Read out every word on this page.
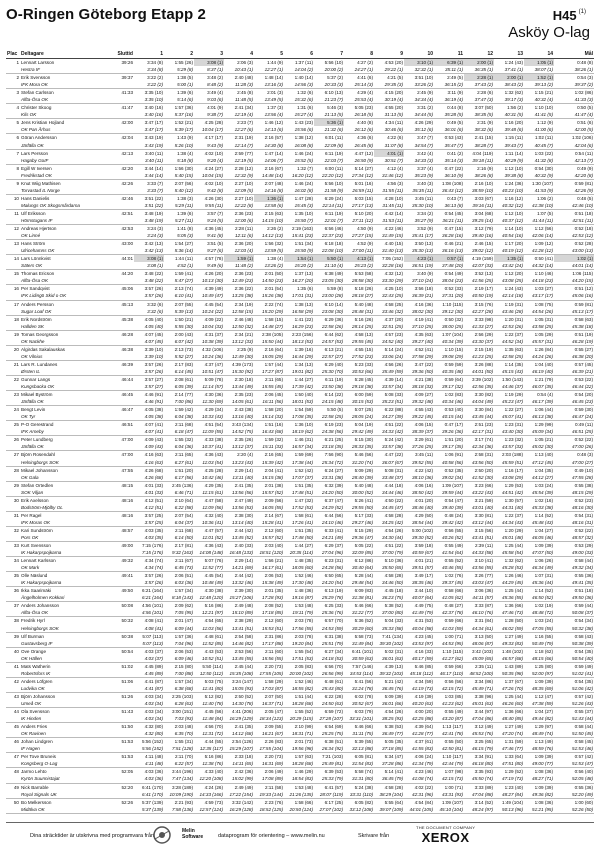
O-Ringen Göteborg Etapp 2	H45 $^{(1)}$
Asköy O-lag
Plac	Deltagare	Sluttid	1	2	3	4	5	6	7	8	9	10	11	12	13	14	Mål
1	Lennart Larsson	39:26	3:34 (8)	1:55 (26)	3:08 (1)	2:06 (3)	1:44 (9)	1:37 (11)	5:56 (10)	4:27 (2)	4:53 (20)	3:10 (1)	6:39 (1)	2:00 (1)	1:24 (43)	1:05 (1)	0:48 (8)
	Hestra IF		3:34 (8)	5:29 (8)	8:37 (1)	10:43 (1)	12:27 (1)	14:04 (2)	20:00 (2)	24:27 (1)	29:22 (1)	32:32 (1)	35:11 (1)	36:35 (1)	37:41 (1)	38:07 (1)	38:26 (1)
2	Erik Svensson	39:37	3:22 (2)	1:38 (5)	3:48 (2)	2:40 (48)	1:48 (14)	1:40 (14)	5:37 (2)	4:41 (6)	4:21 (5)	3:51 (10)	2:49 (5)	2:28 (1)	2:00 (1)	1:52 (1)	0:54 (3)
	IFK Mora OK		3:22 (2)	5:00 (1)	8:48 (2)	11:28 (3)	13:16 (3)	14:56 (3)	20:33 (3)	25:14 (3)	29:35 (3)	33:26 (2)	36:15 (2)	37:43 (2)	38:43 (2)	39:13 (2)	39:37 (2)
3	Stefan Carlsson	41:33	3:35 (10)	1:39 (6)	3:49 (4)	2:45 (8)	2:01 (3)	1:32 (6)	6:10 (13)	4:29 (4)	4:15 (20)	2:45 (9)	3:11 (9)	2:28 (6)	1:32 (62)	1:15 (21)	1:02 (86)
	Alfta-Ösa OK		3:35 (10)	5:14 (6)	9:03 (6)	11:48 (5)	13:49 (5)	15:32 (6)	21:23 (7)	25:53 (4)	30:19 (4)	34:34 (4)	36:19 (4)	37:47 (3)	39:17 (3)	40:32 (4)	41:33 (3)
4	Christer Skoog	41:47	3:40 (16)	1:57 (36)	4:01 (9)	2:41 (34)	1:37 (3)	1:31 (6)	5:46 (3)	5:05 (23)	4:55 (20)	3:31 (2)	0:44 (8)	3:07 (50)	1:56 (2)	1:10 (10)	0:50 (5)
	Kils OK		3:40 (16)	5:37 (16)	9:38 (7)	12:19 (4)	13:56 (4)	15:27 (4)	21:13 (5)	26:18 (5)	31:13 (5)	34:44 (5)	35:28 (5)	38:35 (5)	40:31 (5)	41:41 (5)	41:47 (4)
5	Jens Kristian Hojland	42:00	3:47 (17)	1:52 (21)	4:25 (28)	2:23 (7)	1:46 (12)	1:43 (23)	5:36 (1)	4:40 (8)	4:34 (11)	4:26 (29)	0:49 (5)	2:31 (9)	1:16 (20)	1:12 (9)	0:51 (6)
	OK Pan Århus		3:47 (17)	5:39 (17)	10:04 (17)	12:27 (6)	14:13 (6)	15:56 (6)	21:32 (6)	26:12 (6)	30:46 (6)	35:12 (6)	36:01 (6)	38:32 (6)	39:48 (6)	41:00 (6)	42:00 (5)
6	Göran Andersson	42:04	3:43 (19)	1:43 (9)	4:17 (17)	2:31 (19)	2:16 (57)	1:38 (12)	6:01 (11)	4:36 (6)	4:22 (6)	3:47 (7)	0:53 (43)	2:41 (15)	1:15 (11)	1:02 (11)	1:02 (106)
	Järfälla OK		3:43 (19)	5:26 (10)	9:43 (9)	12:14 (7)	14:30 (8)	16:08 (8)	22:09 (8)	26:45 (8)	31:07 (8)	34:54 (7)	35:47 (7)	38:28 (7)	39:43 (7)	40:45 (7)	42:04 (6)
7	Lars Persson	42:13	3:40 (11)	1:38 (4)	4:02 (10)	2:59 (77)	1:47 (14)	1:46 (24)	6:11 (19)	4:47 (12)	4:01 (1)	3:42 (4)	0:41 (2)	4:04 (119)	1:11 (14)	1:03 (22)	0:54 (11)
	Hagaby GoIF		3:40 (11)	5:18 (8)	9:20 (4)	12:19 (5)	14:06 (7)	15:52 (5)	22:03 (7)	26:50 (9)	30:51 (7)	34:33 (3)	35:14 (3)	39:18 (11)	40:29 (9)	41:32 (8)	42:13 (7)
8	Egill W Iversen	42:20	3:44 (14)	1:56 (30)	4:24 (27)	2:28 (12)	2:16 (67)	1:32 (7)	6:00 (11)	5:14 (27)	4:12 (4)	3:37 (4)	0:47 (22)	2:16 (9)	1:12 (10)	0:54 (30)	0:49 (9)
	Fredrikstad OK		3:44 (14)	5:40 (15)	10:04 (15)	12:32 (9)	14:48 (14)	16:20 (12)	22:20 (12)	27:34 (12)	31:46 (12)	35:23 (9)	36:10 (9)	38:26 (8)	39:38 (8)	40:32 (9)	42:20 (8)
9	Knut Wiig Mathisen	42:26	3:33 (7)	2:07 (56)	4:02 (10)	2:27 (10)	2:07 (48)	1:46 (24)	5:56 (10)	5:01 (16)	4:56 (3)	3:40 (3)	1:08 (108)	2:16 (10)	1:24 (36)	1:30 (107)	0:59 (81)
	Torvastad IL Norge		3:33 (7)	5:40 (12)	9:42 (8)	12:09 (5)	14:16 (8)	16:02 (8)	21:58 (9)	26:59 (11)	31:55 (11)	35:35 (11)	36:43 (12)	38:59 (10)	40:23 (10)	41:53 (9)	42:26 (9)
10	Hans Danielis	42:46	3:51 (22)	1:38 (3)	4:26 (30)	2:27 (10)	1:36 (1)	1:47 (28)	6:29 (24)	5:03 (15)	4:28 (10)	3:45 (11)	0:43 (7)	3:03 (67)	1:16 (12)	1:06 (2)	0:48 (5)
	Malungs OK Skogsmårdarna		3:51 (22)	5:29 (11)	9:55 (11)	12:22 (8)	13:58 (6)	15:45 (3)	22:14 (11)	27:17 (13)	31:45 (11)	35:30 (10)	36:13 (8)	39:16 (11)	40:32 (12)	41:38 (10)	42:46 (10)
11	Ulf Eriksson	42:51	3:48 (19)	1:39 (6)	3:57 (7)	2:36 (23)	2:15 (63)	1:35 (10)	6:11 (19)	5:10 (20)	4:42 (14)	3:34 (2)	0:54 (45)	3:04 (68)	1:12 (10)	1:07 (5)	0:51 (18)
	Hörnstugans IF		3:48 (19)	5:27 (11)	9:24 (5)	12:00 (6)	14:15 (10)	15:50 (7)	22:01 (7)	27:11 (12)	31:53 (11)	35:27 (9)	36:21 (11)	39:25 (14)	40:37 (12)	41:44 (11)	42:51 (11)
12	Andreas Hjertson	42:53	3:24 (3)	1:41 (8)	4:36 (45)	2:28 (11)	2:26 (2)	2:19 (163)	6:56 (46)	4:50 (9)	4:22 (46)	3:52 (9)	0:47 (15)	3:12 (79)	1:14 (10)	1:12 (56)	0:52 (18)
	OK Linné		3:24 (3)	5:05 (3)	9:41 (8)	12:11 (6)	14:12 (13)	15:41 (23)	22:37 (23)	27:27 (15)	31:49 (15)	35:41 (17)	36:28 (16)	39:40 (16)	40:54 (16)	42:06 (14)	42:53 (12)
13	Hans Ström	43:00	3:42 (13)	1:54 (27)	3:51 (5)	2:36 (20)	1:56 (32)	1:51 (34)	6:18 (18)	4:52 (9)	4:40 (15)	3:50 (13)	0:46 (21)	2:46 (15)	1:17 (20)	1:09 (12)	0:52 (28)
	Ulricehamns OK		3:42 (13)	5:36 (14)	9:27 (6)	12:03 (4)	13:59 (5)	15:50 (9)	22:08 (10)	27:00 (11)	31:40 (13)	35:30 (13)	36:16 (13)	39:02 (12)	40:19 (12)	41:28 (12)	43:00 (13)
14	Lars Lönnkvist	44:01	3:08 (1)	1:44 (11)	4:57 (78)	1:59 (1)	1:38 (4)	1:54 (1)	5:50 (1)	4:13 (1)	7:05 (152)	4:23 (1)	0:57 (1)	4:19 (159)	1:35 (1)	0:50 (41)	1:02 (1)
	Säters OK		3:08 (1)	4:52 (1)	9:49 (6)	11:48 (2)	13:26 (2)	15:20 (2)	21:10 (4)	25:23 (2)	32:28 (16)	36:51 (19)	37:48 (20)	42:07 (33)	43:42 (24)	44:32 (14)	44:01 (14)
15	Thomas Ericson	44:20	3:48 (22)	1:59 (41)	4:26 (20)	2:36 (23)	2:01 (50)	1:37 (13)	6:38 (49)	5:53 (58)	4:32 (12)	3:40 (9)	0:54 (49)	3:52 (13)	1:12 (20)	1:10 (46)	1:06 (115)
	Alfta-Ösa OK		3:48 (22)	5:47 (27)	10:13 (30)	12:49 (23)	14:50 (23)	16:27 (20)	23:05 (30)	28:58 (30)	33:30 (29)	37:10 (24)	38:04 (23)	41:56 (25)	43:08 (25)	44:18 (23)	44:20 (15)
16	Per Sandqvist	45:06	3:57 (26)	2:13 (74)	4:39 (49)	2:36 (22)	2:01 (54)	1:35 (6)	5:59 (8)	5:18 (26)	4:25 (10)	3:56 (18)	0:52 (33)	2:19 (17)	1:24 (43)	1:03 (27)	0:51 (12)
	IFK Lidingö Skid o OK		3:57 (26)	6:10 (41)	10:49 (47)	13:25 (38)	15:26 (38)	17:01 (31)	23:00 (28)	28:18 (27)	32:43 (25)	36:39 (21)	37:31 (20)	40:50 (19)	42:14 (18)	43:17 (17)	45:06 (16)
17	Anders Persson	45:13	3:32 (6)	2:07 (55)	4:45 (54)	2:34 (19)	2:22 (74)	1:38 (13)	6:10 (14)	5:40 (48)	4:58 (25)	4:16 (36)	1:10 (115)	3:15 (76)	1:19 (31)	1:08 (75)	0:59 (81)
	Sugar Loaf OK		3:32 (6)	5:39 (13)	10:24 (22)	12:58 (15)	15:20 (29)	16:58 (29)	23:08 (30)	28:48 (31)	33:46 (32)	38:02 (30)	39:12 (30)	42:27 (28)	43:46 (28)	44:54 (26)	45:13 (17)
18	Erik Nordström	45:38	4:05 (40)	1:50 (21)	4:09 (22)	2:46 (48)	1:58 (15)	1:41 (22)	6:29 (36)	5:16 (26)	4:37 (20)	4:19 (41)	0:50 (32)	3:33 (98)	1:20 (31)	1:05 (31)	0:58 (63)
	Hallden SK		4:05 (40)	5:55 (30)	10:04 (33)	12:50 (32)	14:48 (27)	16:29 (23)	22:58 (26)	28:14 (25)	32:51 (25)	37:10 (25)	38:00 (25)	41:33 (27)	42:53 (26)	43:58 (25)	45:38 (18)
19	Tomas Georgsson	46:28	4:07 (45)	2:00 (43)	4:31 (37)	2:34 (21)	2:38 (105)	2:23 (156)	6:44 (62)	4:58 (13)	4:57 (23)	4:35 (63)	1:07 (104)	2:56 (29)	1:22 (37)	1:05 (29)	0:51 (19)
	OK Nackhe		4:07 (45)	6:07 (42)	10:38 (39)	13:12 (33)	15:50 (44)	18:13 (53)	24:57 (53)	29:55 (45)	34:52 (40)	39:27 (40)	40:34 (39)	43:30 (37)	44:52 (34)	45:57 (31)	46:28 (19)
20	Algirdas Sakalauskas	46:38	3:39 (10)	2:13 (73)	4:32 (106)	2:25 (9)	2:16 (64)	1:39 (16)	6:13 (21)	4:55 (15)	5:14 (24)	4:52 (41)	1:10 (15)	2:15 (19)	1:35 (63)	1:26 (84)	0:55 (27)
	OK Vilnius		3:39 (10)	5:52 (27)	10:24 (36)	12:49 (30)	15:05 (29)	16:44 (29)	22:57 (27)	27:52 (23)	33:06 (24)	37:58 (29)	39:08 (29)	41:23 (25)	42:58 (25)	44:24 (26)	46:38 (20)
21	Lars R. Lundanes	46:39	3:57 (26)	2:17 (83)	4:37 (47)	4:39 (173)	1:57 (44)	1:34 (13)	6:29 (40)	5:23 (33)	4:56 (26)	3:47 (22)	0:59 (59)	3:26 (88)	1:14 (35)	1:04 (40)	0:57 (45)
	Ørsten IL		3:57 (26)	6:14 (45)	10:51 (47)	15:30 (92)	17:27 (87)	19:01 (82)	25:30 (70)	30:53 (66)	35:49 (59)	39:36 (50)	40:35 (48)	44:01 (50)	45:15 (43)	46:19 (40)	46:39 (21)
22	Gunnar Langs	46:44	3:57 (27)	2:08 (61)	5:09 (78)	2:30 (18)	2:11 (65)	1:44 (27)	6:11 (19)	5:28 (45)	4:39 (14)	4:21 (38)	0:59 (64)	3:39 (102)	1:50 (143)	1:21 (79)	0:53 (22)
	Kungsbacka OK		3:57 (27)	6:05 (39)	11:14 (57)	13:44 (49)	15:55 (45)	17:39 (42)	23:50 (38)	29:18 (38)	33:57 (34)	38:18 (33)	39:17 (32)	42:56 (35)	44:46 (37)	46:07 (35)	46:44 (22)
23	Mikael Byström	46:45	4:46 (91)	2:14 (77)	4:30 (36)	2:35 (23)	2:06 (45)	1:50 (40)	6:14 (22)	6:00 (59)	5:08 (33)	4:09 (27)	1:02 (83)	3:30 (82)	1:19 (29)	0:54 (4)	0:54 (20)
	Järfälla OK		4:46 (91)	7:00 (86)	11:30 (69)	14:05 (61)	16:11 (56)	18:01 (53)	24:15 (48)	30:15 (53)	35:23 (51)	39:32 (48)	40:34 (46)	44:04 (49)	45:23 (47)	46:17 (39)	46:45 (23)
24	Bengt Levin	46:47	4:05 (38)	1:59 (42)	4:29 (34)	2:43 (38)	1:58 (20)	1:54 (59)	5:50 (5)	5:07 (25)	6:22 (88)	4:55 (43)	0:53 (40)	3:30 (84)	1:22 (27)	1:06 (44)	0:59 (30)
	OK Tyr		4:05 (38)	6:04 (38)	10:33 (43)	13:16 (40)	15:14 (33)	17:08 (35)	22:58 (25)	28:05 (24)	34:27 (39)	39:22 (45)	40:15 (44)	43:45 (44)	45:07 (41)	46:13 (38)	46:47 (24)
25	P-O Gerestrand	46:51	4:07 (41)	2:11 (68)	4:51 (54)	3:43 (134)	1:51 (16)	1:36 (10)	6:19 (23)	5:04 (19)	4:51 (22)	4:06 (15)	0:47 (17)	2:51 (23)	1:23 (31)	1:29 (99)	0:49 (11)
	IFK Arneby		4:07 (41)	6:18 (47)	11:09 (55)	14:52 (75)	16:43 (68)	18:19 (62)	24:38 (56)	29:42 (49)	34:33 (42)	38:39 (37)	39:26 (36)	42:17 (31)	43:40 (30)	45:09 (34)	46:51 (25)
26	Peter Lundberg	47:00	4:09 (43)	1:55 (32)	4:33 (38)	2:35 (26)	1:59 (32)	1:46 (31)	6:21 (25)	5:15 (30)	5:24 (42)	3:29 (61)	1:51 (20)	3:17 (74)	1:23 (32)	1:05 (21)	0:52 (22)
	Järfälla OK		4:09 (43)	6:04 (36)	10:37 (41)	13:12 (37)	15:11 (33)	16:57 (34)	23:18 (35)	28:33 (35)	33:57 (38)	37:26 (25)	39:17 (35)	42:34 (36)	43:57 (33)	45:02 (30)	47:00 (26)
27	Björn Rosendahl	47:00	4:16 (63)	2:11 (65)	4:36 (43)	2:20 (4)	2:16 (65)	1:59 (69)	7:56 (90)	5:46 (56)	4:47 (22)	3:45 (11)	1:06 (91)	2:58 (31)	2:03 (188)	1:13 (40)	0:48 (3)
	Helsingborgs SOK		4:16 (63)	6:27 (61)	11:03 (54)	13:23 (43)	15:39 (42)	17:38 (44)	25:34 (72)	31:20 (74)	36:07 (67)	39:52 (55)	40:58 (56)	43:56 (50)	45:59 (51)	47:12 (45)	47:00 (27)
28	Mikael Johansson	47:55	4:26 (68)	1:51 (20)	4:25 (28)	2:29 (14)	2:04 (41)	1:52 (42)	6:24 (27)	5:09 (29)	5:08 (31)	4:22 (42)	0:52 (35)	2:50 (20)	1:16 (17)	1:04 (35)	0:49 (10)
	OK Gala		4:26 (68)	6:17 (56)	10:42 (46)	13:11 (40)	15:15 (38)	17:07 (37)	23:31 (38)	28:40 (39)	33:48 (37)	38:10 (36)	39:02 (34)	41:52 (30)	43:08 (29)	44:12 (27)	47:55 (28)
29	Stefan Ortedlen	48:15	4:01 (33)	2:45 (136)	4:29 (35)	2:41 (35)	2:01 (38)	1:51 (35)	6:32 (39)	5:40 (48)	4:44 (18)	4:06 (16)	1:09 (107)	3:23 (66)	1:29 (53)	1:03 (24)	0:55 (38)
	SOK Viljan		4:01 (33)	6:46 (71)	11:15 (61)	13:56 (56)	15:57 (52)	17:48 (51)	24:20 (50)	30:00 (52)	34:44 (46)	38:50 (42)	39:59 (44)	43:22 (43)	44:51 (42)	45:54 (39)	48:15 (29)
30	Erik Axelsson	48:16	4:12 (51)	2:10 (64)	4:47 (58)	2:47 (49)	2:09 (56)	1:47 (32)	6:37 (47)	5:26 (41)	4:50 (22)	4:01 (20)	0:54 (47)	3:21 (59)	1:30 (57)	1:02 (16)	0:52 (23)
	Bodström-Mjölby OL		4:12 (51)	6:22 (58)	11:09 (56)	13:56 (53)	16:05 (55)	17:52 (53)	24:29 (52)	29:55 (50)	34:45 (47)	38:46 (40)	39:40 (39)	43:01 (40)	44:31 (40)	45:33 (38)	48:16 (30)
31	Per Ragel	48:16	3:57 (25)	2:07 (54)	4:32 (40)	2:38 (30)	2:14 (67)	1:58 (61)	6:44 (56)	5:17 (33)	4:58 (28)	4:29 (50)	0:48 (24)	3:30 (81)	1:22 (37)	1:14 (52)	0:54 (31)
	IFK Moras OK		3:57 (25)	6:04 (37)	10:36 (41)	13:14 (40)	15:28 (41)	17:26 (41)	24:10 (46)	29:27 (46)	34:25 (42)	38:54 (44)	39:42 (42)	43:12 (44)	44:34 (43)	45:48 (43)	48:16 (31)
32	Kari Sundström	48:57	4:03 (35)	2:11 (68)	4:47 (57)	2:44 (42)	2:12 (60)	1:51 (35)	6:33 (41)	5:15 (29)	4:54 (26)	5:00 (102)	0:56 (55)	3:15 (56)	1:20 (29)	1:04 (27)	0:52 (22)
	Pors OK		4:03 (35)	6:14 (50)	11:01 (52)	13:45 (52)	15:57 (52)	17:48 (50)	24:21 (49)	29:36 (47)	34:30 (44)	39:30 (52)	40:26 (52)	43:41 (51)	45:01 (48)	46:05 (46)	48:57 (32)
33	Kurt Svensson	49:00	7:15 (176)	2:17 (81)	4:36 (43)	2:40 (33)	2:03 (40)	1:44 (27)	6:29 (37)	5:05 (22)	4:51 (22)	3:59 (18)	0:55 (49)	2:39 (11)	1:25 (44)	1:09 (39)	0:53 (29)
	IK Hakarpspojkarna		7:15 (176)	9:32 (163)	14:08 (148)	16:48 (133)	18:51 (120)	20:35 (114)	27:04 (96)	32:09 (85)	37:00 (79)	40:59 (67)	41:54 (64)	44:33 (58)	45:58 (54)	47:07 (50)	49:00 (33)
34	Lennart Karlsson	49:32	4:34 (74)	2:11 (67)	5:07 (76)	2:29 (14)	1:56 (21)	1:48 (35)	6:23 (31)	6:12 (86)	5:10 (36)	4:01 (21)	0:55 (52)	3:10 (41)	1:32 (62)	1:06 (26)	0:58 (44)
	OK Mark		4:34 (74)	6:45 (73)	11:52 (77)	14:21 (69)	16:17 (61)	18:05 (60)	24:28 (56)	30:40 (64)	35:50 (65)	39:51 (57)	40:46 (55)	43:56 (55)	45:28 (53)	46:34 (49)	49:32 (34)
35	Olle Näslund	49:41	3:57 (26)	2:06 (51)	4:45 (54)	2:44 (42)	2:06 (53)	1:52 (46)	6:50 (65)	5:28 (44)	4:58 (28)	3:49 (17)	1:02 (76)	3:26 (77)	1:26 (46)	1:07 (31)	0:55 (36)
	IK Hakarpspojkarna		3:57 (26)	6:03 (36)	10:48 (49)	13:32 (46)	15:38 (49)	17:30 (48)	24:20 (54)	29:48 (54)	34:46 (50)	38:35 (46)	39:37 (45)	43:03 (47)	44:29 (45)	45:36 (44)	49:41 (35)
36	Ikka Saarimäki	49:50	6:21 (164)	1:57 (34)	4:30 (38)	2:39 (30)	2:01 (35)	1:48 (36)	6:13 (19)	6:09 (83)	4:45 (18)	3:44 (10)	0:58 (66)	3:06 (36)	1:25 (44)	1:14 (52)	0:51 (18)
	Ängelholmen Kokkari		6:21 (164)	8:18 (143)	12:48 (120)	15:27 (106)	17:28 (93)	19:16 (87)	25:29 (78)	31:38 (81)	36:23 (75)	40:07 (64)	41:05 (62)	44:11 (57)	45:36 (55)	46:50 (52)	49:50 (36)
37	Anders Johansson	50:08	4:56 (101)	2:09 (62)	5:16 (86)	2:49 (48)	2:08 (52)	1:53 (48)	6:25 (33)	5:46 (66)	5:38 (52)	4:49 (75)	0:48 (27)	3:33 (87)	1:36 (66)	1:02 (19)	0:59 (44)
	Alfta-Ösa OK		4:56 (101)	7:05 (95)	12:21 (97)	15:10 (89)	17:18 (85)	19:11 (79)	25:36 (76)	31:22 (77)	37:00 (80)	41:49 (79)	42:37 (78)	46:10 (76)	47:46 (73)	48:48 (72)	50:08 (37)
38	Fredrik Hyrl	50:32	4:08 (41)	2:01 (47)	4:54 (65)	2:38 (29)	2:12 (60)	2:03 (78)	6:57 (70)	5:36 (52)	5:04 (33)	4:31 (53)	0:59 (66)	3:31 (84)	1:28 (50)	1:03 (24)	0:54 (34)
	Helsingborgs SOK		4:08 (41)	6:09 (44)	11:03 (56)	13:41 (51)	15:53 (51)	17:56 (55)	24:53 (59)	30:29 (60)	35:33 (58)	40:04 (58)	41:03 (59)	44:34 (61)	46:02 (59)	47:05 (55)	50:32 (38)
39	Ulf Burman	50:38	5:07 (113)	1:57 (36)	4:48 (61)	2:54 (58)	2:31 (86)	2:03 (78)	6:31 (38)	5:58 (73)	7:41 (134)	4:23 (45)	1:00 (71)	3:13 (50)	1:27 (49)	1:16 (55)	0:58 (43)
	Gustavsberg IF		5:07 (113)	7:04 (96)	11:52 (85)	14:46 (82)	17:17 (88)	19:20 (84)	25:51 (79)	31:49 (84)	39:30 (102)	43:53 (97)	44:53 (95)	48:06 (87)	49:33 (83)	50:49 (79)	50:38 (39)
40	Ove Orange	50:54	4:03 (37)	2:06 (53)	4:43 (53)	2:53 (56)	2:11 (60)	1:55 (54)	6:27 (34)	6:41 (101)	5:02 (31)	4:16 (33)	1:10 (115)	3:42 (103)	1:48 (102)	1:18 (62)	0:54 (35)
	OK Hällen		4:03 (37)	6:09 (46)	10:52 (51)	13:45 (55)	15:56 (55)	17:51 (53)	24:18 (53)	30:59 (63)	36:01 (63)	40:17 (59)	41:27 (62)	45:09 (65)	46:57 (68)	48:15 (66)	50:54 (40)
41	Mats Watherin	51:02	4:45 (89)	2:15 (80)	5:50 (114)	2:45 (44)	2:20 (73)	2:05 (83)	6:56 (70)	7:57 (146)	4:39 (13)	5:46 (85)	0:59 (66)	2:35 (11)	1:43 (89)	1:25 (80)	0:59 (49)
	Robertsfors IK		4:45 (89)	7:00 (88)	12:50 (112)	15:35 (108)	17:55 (105)	20:00 (102)	26:56 (99)	34:53 (114)	39:32 (103)	45:18 (112)	46:17 (110)	48:52 (100)	50:35 (98)	52:00 (97)	51:02 (41)
42	Anders Löfgren	51:06	4:41 (87)	1:57 (34)	5:03 (75)	3:24 (147)	1:58 (29)	1:52 (46)	6:48 (61)	5:41 (56)	5:21 (42)	4:34 (59)	0:56 (56)	3:34 (86)	1:37 (67)	1:09 (39)	0:54 (35)
	Ludvika OK		4:41 (87)	6:38 (68)	11:41 (80)	15:05 (93)	17:03 (87)	18:55 (82)	25:43 (80)	31:24 (78)	36:45 (76)	41:19 (73)	42:15 (72)	45:49 (71)	47:26 (70)	48:35 (69)	51:06 (42)
43	Björn Johansson	51:26	4:03 (34)	2:25 (103)	5:12 (82)	2:50 (52)	2:07 (50)	1:51 (44)	6:22 (28)	6:02 (78)	5:09 (39)	4:19 (39)	1:03 (85)	3:38 (96)	1:25 (44)	1:12 (47)	0:57 (42)
	Umeå OK		4:03 (34)	6:28 (63)	11:40 (78)	14:30 (78)	16:37 (71)	18:28 (68)	24:50 (63)	30:52 (67)	36:01 (66)	40:20 (63)	41:23 (62)	45:01 (63)	46:26 (60)	47:38 (59)	51:26 (43)
44	Ola Svensson	51:43	4:03 (34)	3:00 (151)	4:45 (56)	4:41 (206)	2:05 (47)	1:55 (52)	6:59 (72)	6:03 (79)	4:54 (26)	4:00 (20)	0:55 (49)	3:44 (97)	1:36 (66)	1:04 (27)	0:55 (37)
	IK Hinden		4:03 (34)	7:03 (93)	11:48 (84)	16:29 (129)	18:34 (123)	20:29 (115)	27:28 (107)	33:31 (101)	38:25 (93)	42:25 (88)	43:20 (87)	47:04 (86)	48:40 (85)	49:44 (82)	51:43 (44)
45	Anders Fries	51:50	4:32 (80)	2:03 (48)	4:56 (70)	2:41 (35)	2:09 (55)	2:10 (99)	6:54 (69)	5:46 (66)	5:38 (53)	4:39 (64)	1:13 (117)	3:12 (49)	1:27 (49)	1:29 (97)	0:58 (44)
	OK Ravinen		4:32 (80)	6:35 (70)	11:31 (72)	14:12 (68)	16:21 (67)	18:31 (71)	25:25 (75)	31:11 (75)	36:49 (77)	41:28 (77)	42:41 (78)	45:53 (76)	47:20 (74)	48:49 (74)	51:50 (45)
46	Johan Lindgren	51:53	5:56 (152)	1:55 (31)	4:44 (55)	2:54 (126)	2:26 (83)	2:01 (73)	6:38 (51)	5:39 (55)	5:05 (35)	4:37 (61)	0:55 (50)	3:25 (65)	1:31 (59)	1:13 (49)	0:58 (45)
	IF Hagen		5:56 (152)	7:51 (128)	12:35 (117)	15:29 (107)	17:55 (104)	19:56 (98)	26:34 (92)	32:13 (88)	37:18 (85)	41:55 (83)	42:50 (81)	46:15 (79)	47:46 (77)	48:59 (76)	51:53 (46)
47	Per Tove Bruneis	51:53	4:11 (48)	2:11 (70)	5:16 (86)	2:33 (18)	2:20 (73)	1:57 (63)	7:21 (103)	6:05 (81)	5:34 (47)	4:06 (24)	1:10 (117)	3:34 (91)	1:33 (64)	1:09 (39)	0:57 (42)
	Kongsberg O-Lag		4:11 (48)	6:22 (57)	11:38 (76)	14:11 (65)	16:31 (69)	18:28 (68)	25:49 (81)	31:54 (83)	37:28 (86)	41:34 (79)	42:44 (79)	46:18 (80)	47:51 (80)	49:00 (77)	51:53 (47)
48	Jarmo Lehto	52:05	4:03 (36)	3:44 (196)	4:33 (40)	2:42 (36)	2:06 (49)	1:46 (29)	6:39 (53)	5:58 (74)	5:14 (41)	4:23 (46)	1:07 (98)	3:35 (93)	1:29 (52)	1:08 (36)	0:56 (40)
	Kyrön Suunnistajat		4:03 (36)	7:47 (134)	12:20 (108)	15:02 (99)	17:08 (89)	18:54 (83)	25:33 (79)	31:31 (80)	36:45 (79)	41:08 (74)	42:15 (73)	45:50 (74)	47:19 (73)	48:27 (71)	52:05 (48)
49	Nick Barrable	52:20	6:41 (170)	3:28 (189)	4:24 (26)	2:49 (49)	2:11 (58)	1:53 (48)	6:41 (57)	5:24 (38)	4:58 (28)	4:02 (22)	1:00 (71)	3:33 (89)	1:23 (40)	1:09 (39)	0:55 (36)
	Royal Signals UK		6:41 (170)	10:09 (190)	14:33 (166)	17:22 (154)	19:33 (144)	21:26 (135)	28:07 (119)	33:31 (110)	38:29 (104)	42:31 (96)	43:31 (93)	47:04 (88)	48:27 (84)	49:36 (82)	52:20 (49)
50	Bo Melkersson	52:26	5:37 (139)	2:21 (93)	4:59 (73)	3:32 (142)	2:23 (76)	1:58 (66)	6:17 (25)	6:05 (82)	5:55 (64)	4:54 (84)	1:09 (107)	3:14 (52)	1:49 (104)	1:08 (36)	1:00 (60)
	Midälva OK		5:37 (139)	7:58 (136)	12:57 (124)	16:29 (128)	18:52 (125)	20:50 (124)	27:07 (102)	33:12 (108)	39:07 (109)	44:01 (105)	45:10 (104)	48:24 (97)	50:13 (96)	51:21 (95)	52:26 (50)
Dina sträcktider är utskrivna med programvara från
Melin
Software	dataprogram för orientering – www.melin.nu	Skrivare från
THE DOCUMENT COMPANY
XEROX
